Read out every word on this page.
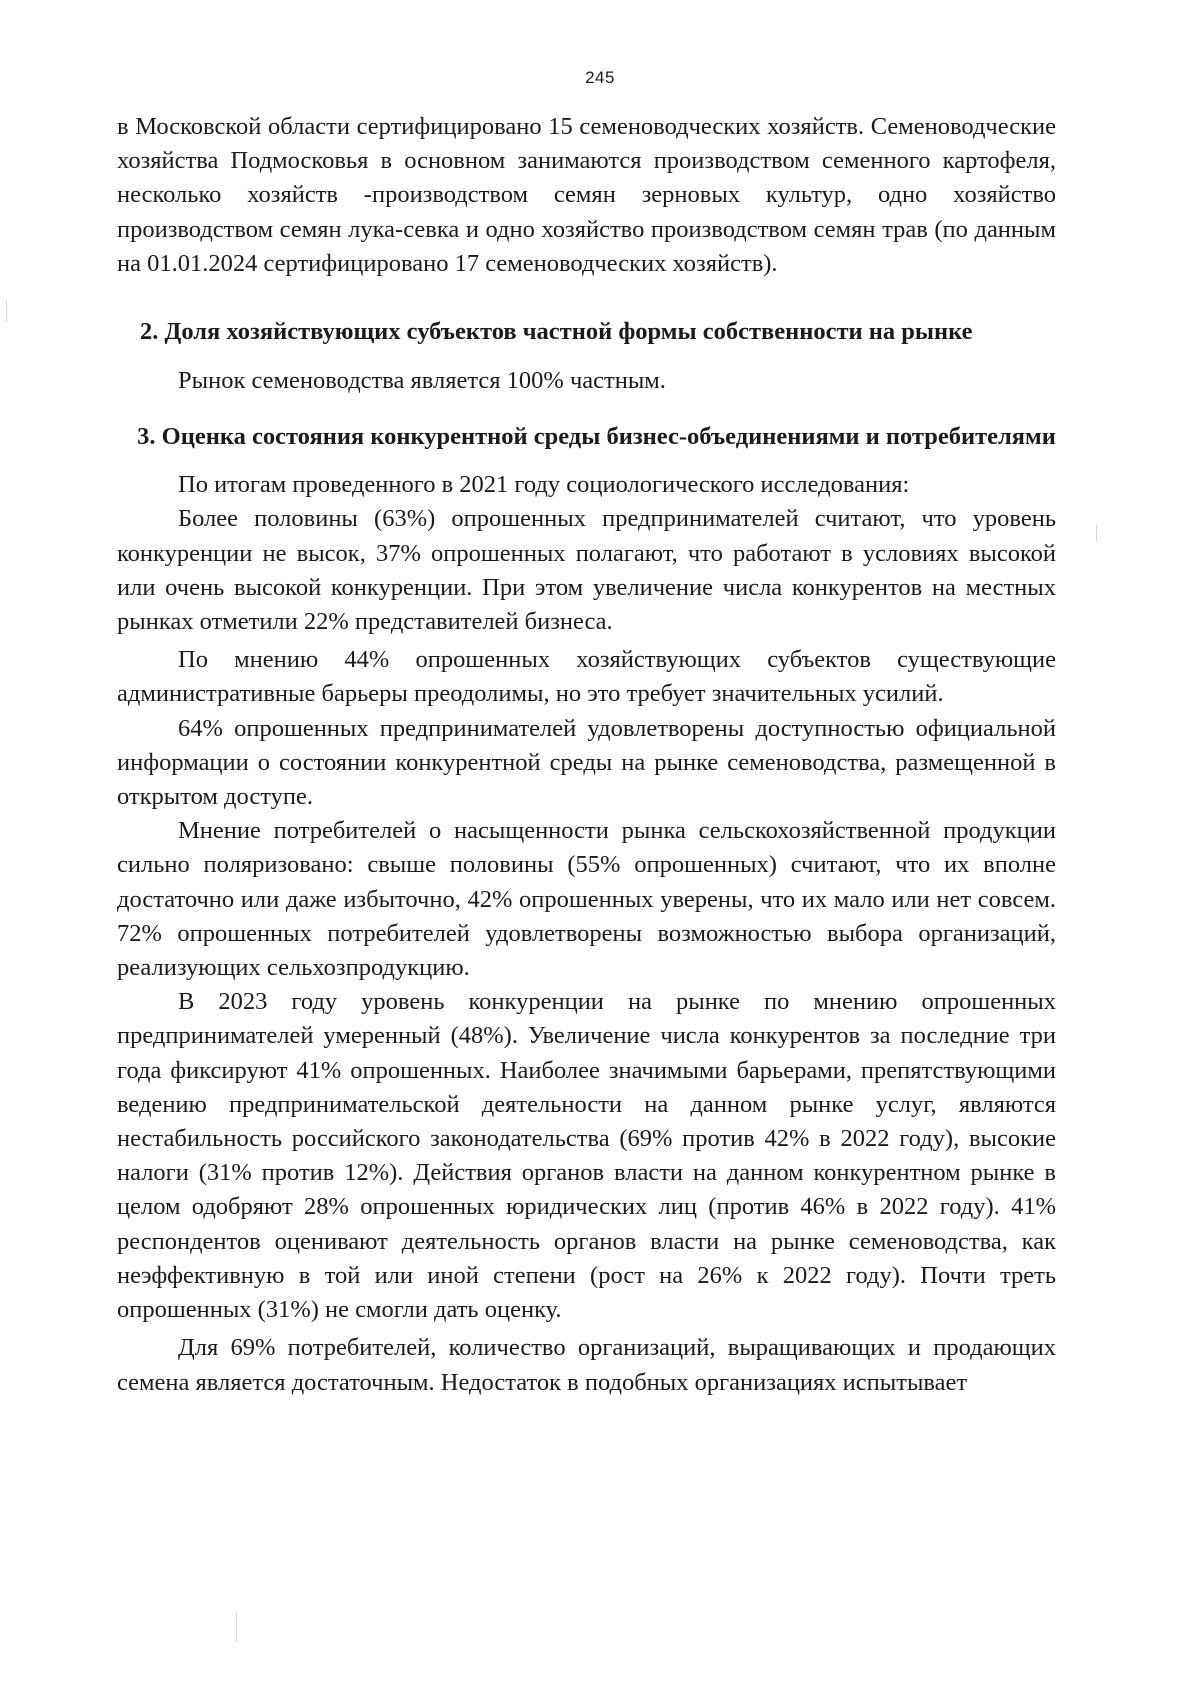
245

в Московской области сертифицировано 15 семеноводческих хозяйств. Семеноводческие хозяйства Подмосковья в основном занимаются производством семенного картофеля, несколько хозяйств -производством семян зерновых культур, одно хозяйство производством семян лука-севка и одно хозяйство производством семян трав (по данным на 01.01.2024 сертифицировано 17 семеноводческих хозяйств).

2. Доля хозяйствующих субъектов частной формы собственности на рынке

Рынок семеноводства является 100% частным.

3. Оценка состояния конкурентной среды бизнес-объединениями и потребителями

По итогам проведенного в 2021 году социологического исследования:

Более половины (63%) опрошенных предпринимателей считают, что уровень конкуренции не высок, 37% опрошенных полагают, что работают в условиях высокой или очень высокой конкуренции. При этом увеличение числа конкурентов на местных рынках отметили 22% представителей бизнеса.

По мнению 44% опрошенных хозяйствующих субъектов существующие административные барьеры преодолимы, но это требует значительных усилий.

64% опрошенных предпринимателей удовлетворены доступностью официальной информации о состоянии конкурентной среды на рынке семеноводства, размещенной в открытом доступе.

Мнение потребителей о насыщенности рынка сельскохозяйственной продукции сильно поляризовано: свыше половины (55% опрошенных) считают, что их вполне достаточно или даже избыточно, 42% опрошенных уверены, что их мало или нет совсем. 72% опрошенных потребителей удовлетворены возможностью выбора организаций, реализующих сельхозпродукцию.

В 2023 году уровень конкуренции на рынке по мнению опрошенных предпринимателей умеренный (48%). Увеличение числа конкурентов за последние три года фиксируют 41% опрошенных. Наиболее значимыми барьерами, препятствующими ведению предпринимательской деятельности на данном рынке услуг, являются нестабильность российского законодательства (69% против 42% в 2022 году), высокие налоги (31% против 12%). Действия органов власти на данном конкурентном рынке в целом одобряют 28% опрошенных юридических лиц (против 46% в 2022 году). 41% респондентов оценивают деятельность органов власти на рынке семеноводства, как неэффективную в той или иной степени (рост на 26% к 2022 году). Почти треть опрошенных (31%) не смогли дать оценку.

Для 69% потребителей, количество организаций, выращивающих и продающих семена является достаточным. Недостаток в подобных организациях испытывает
